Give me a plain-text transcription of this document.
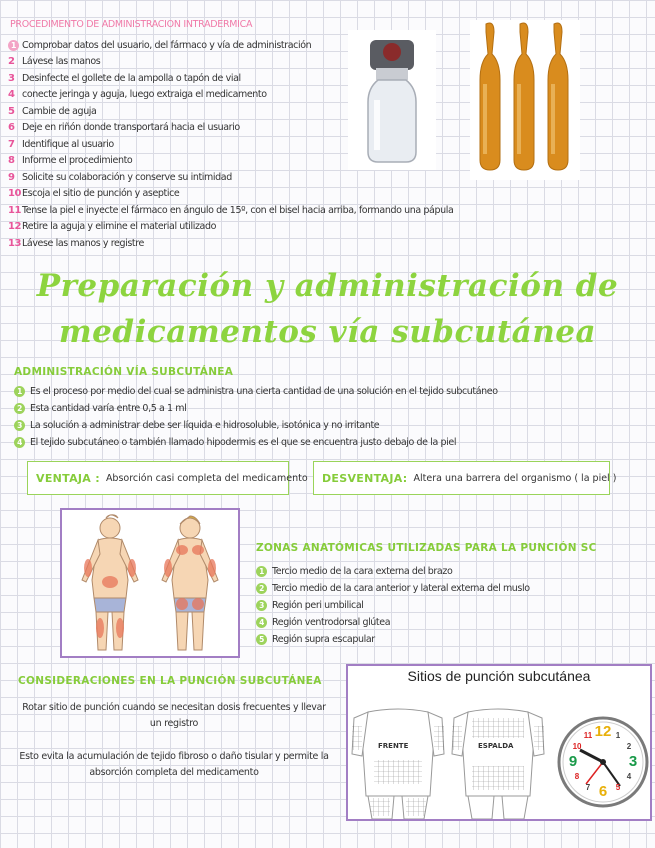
PROCEDIMENTO DE ADMINISTRACION INTRADERMICA
1 Comprobar datos del usuario, del fármaco y vía de administración
2 Lávese las manos
3 Desinfecte el gollete de la ampolla o tapón de vial
4 conecte jeringa y aguja, luego extraiga el medicamento
5 Cambie de aguja
6 Deje en riñón donde transportará hacia el usuario
7 Identifique al usuario
8 Informe el procedimiento
9 Solicite su colaboración y conserve su intimidad
10 Escoja el sitio de punción y aseptice
11 Tense la piel e inyecte el fármaco en ángulo de 15º, con el bisel hacia arriba, formando una pápula
12 Retire la aguja y elimine el material utilizado
13 Lávese las manos y registre
Preparación y administración de
medicamentos vía subcutánea
ADMINISTRACIÓN VÍA SUBCUTÁNEA
1 Es el proceso por medio del cual se administra una cierta cantidad de una solución en el tejido subcutáneo
2 Esta cantidad varía entre 0,5 a 1 ml
3 La solución a administrar debe ser líquida e hidrosoluble, isotónica y no irritante
4 El tejido subcutáneo o también llamado hipodermis es el que se encuentra justo debajo de la piel
VENTAJA : Absorción casi completa del medicamento DESVENTAJA: Altera una barrera del organismo ( la piel )
ZONAS ANATÓMICAS UTILIZADAS PARA LA PUNCIÓN SC
1 Tercio medio de la cara externa del brazo
2 Tercio medio de la cara anterior y lateral externa del muslo
3 Región peri umbilical
4 Región ventrodorsal glútea
5 Región supra escapular
CONSIDERACIONES EN LA PUNCIÓN SUBCUTÁNEA
Rotar sitio de punción cuando se necesitan dosis frecuentes y llevar un registro
Esto evita la acumulación de tejido fibroso o daño tisular y permite la absorción completa del medicamento
Sitios de punción subcutánea
FRENTE	ESPALDA
12
3
6
9
10
7
8	4
5
11	1
2
